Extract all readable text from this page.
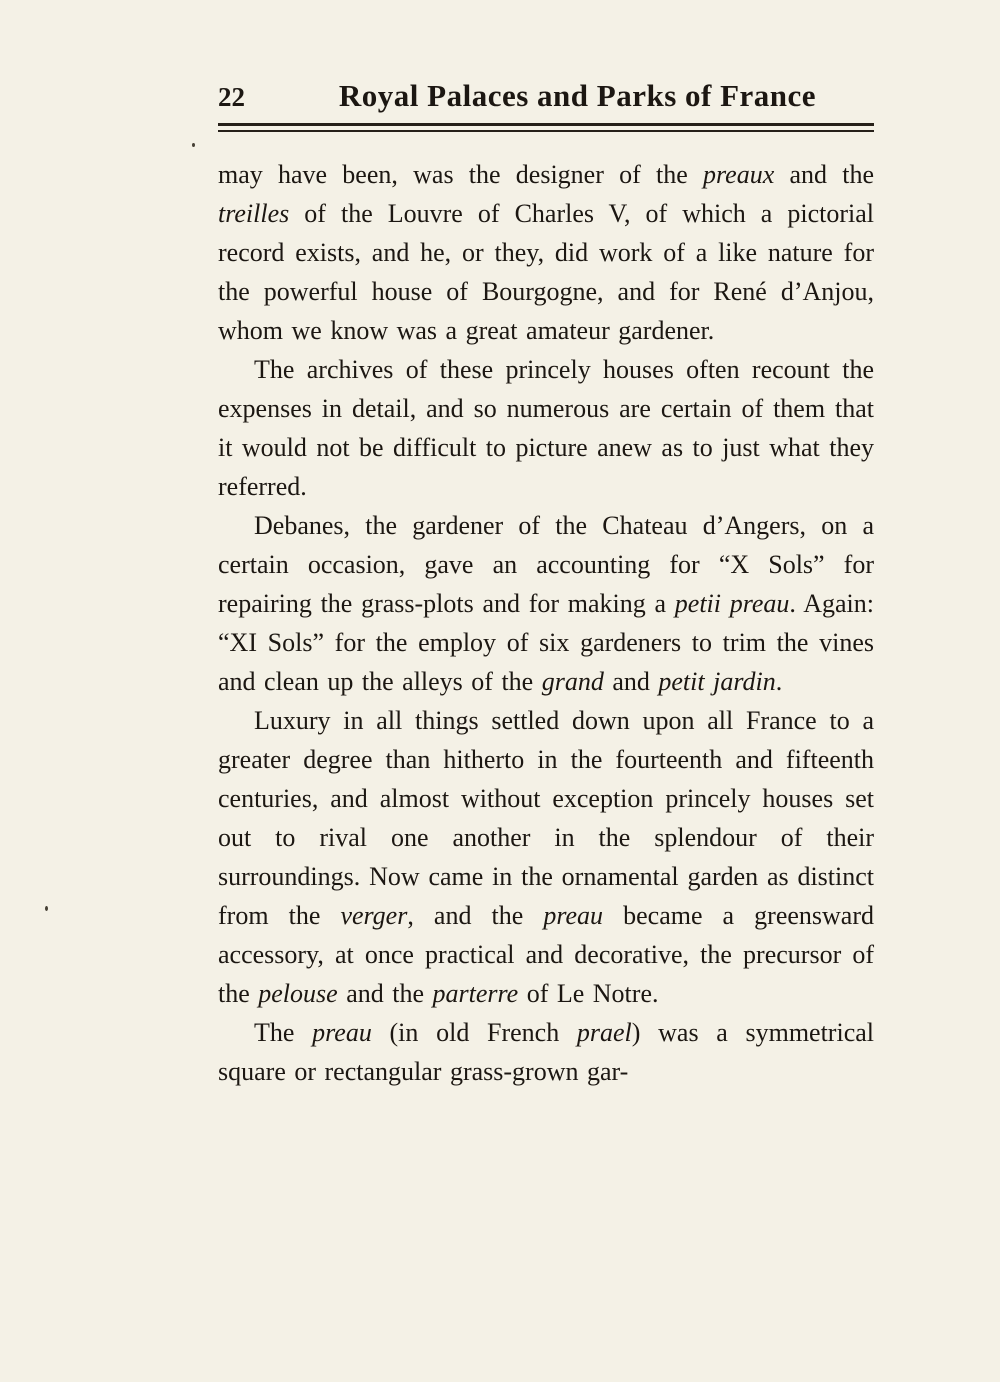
22	Royal Palaces and Parks of France

may have been, was the designer of the preaux and the treilles of the Louvre of Charles V, of which a pictorial record exists, and he, or they, did work of a like nature for the powerful house of Bourgogne, and for René d’Anjou, whom we know was a great amateur gardener.

The archives of these princely houses often recount the expenses in detail, and so numerous are certain of them that it would not be difficult to picture anew as to just what they referred.

Debanes, the gardener of the Chateau d’Angers, on a certain occasion, gave an accounting for “X Sols” for repairing the grass-plots and for making a petii preau. Again: “XI Sols” for the employ of six gardeners to trim the vines and clean up the alleys of the grand and petit jardin.

Luxury in all things settled down upon all France to a greater degree than hitherto in the fourteenth and fifteenth centuries, and almost without exception princely houses set out to rival one another in the splendour of their surroundings. Now came in the ornamental garden as distinct from the verger, and the preau became a greensward accessory, at once practical and decorative, the precursor of the pelouse and the parterre of Le Notre.

The preau (in old French prael) was a symmetrical square or rectangular grass-grown gar-
